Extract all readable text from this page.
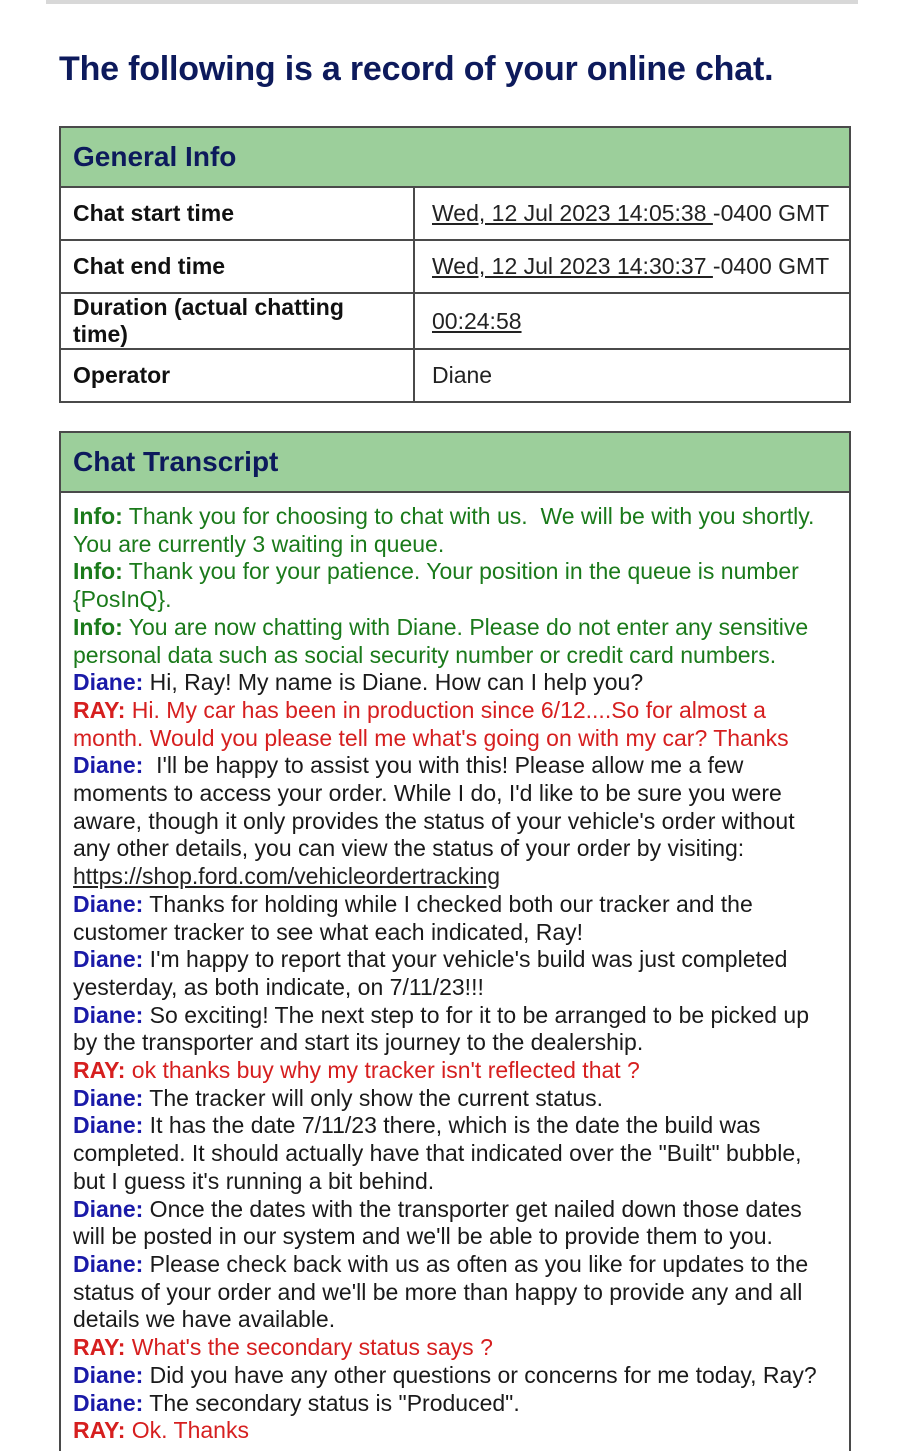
The following is a record of your online chat.
General Info
Chat start time	Wed, 12 Jul 2023 14:05:38 -0400 GMT
Chat end time	Wed, 12 Jul 2023 14:30:37 -0400 GMT
Duration (actual chatting time)	00:24:58
Operator	Diane
Chat Transcript

Info: Thank you for choosing to chat with us.  We will be with you shortly.    You are currently 3 waiting in queue.

Info: Thank you for your patience. Your position in the queue is number {PosInQ}.

Info: You are now chatting with Diane. Please do not enter any sensitive personal data such as social security number or credit card numbers.

Diane: Hi, Ray! My name is Diane. How can I help you?

RAY: Hi. My car has been in production since 6/12....So for almost a month. Would you please tell me what's going on with my car? Thanks

Diane:  I'll be happy to assist you with this! Please allow me a few moments to access your order. While I do, I'd like to be sure you were aware, though it only provides the status of your vehicle's order without any other details, you can view the status of your order by visiting: https://shop.ford.com/vehicleordertracking

Diane: Thanks for holding while I checked both our tracker and the customer tracker to see what each indicated, Ray!

Diane: I'm happy to report that your vehicle's build was just completed yesterday, as both indicate, on 7/11/23!!!

Diane: So exciting! The next step to for it to be arranged to be picked up by the transporter and start its journey to the dealership.

RAY: ok thanks buy why my tracker isn't reflected that ?

Diane: The tracker will only show the current status.

Diane: It has the date 7/11/23 there, which is the date the build was completed. It should actually have that indicated over the "Built" bubble, but I guess it's running a bit behind.

Diane: Once the dates with the transporter get nailed down those dates will be posted in our system and we'll be able to provide them to you.

Diane: Please check back with us as often as you like for updates to the status of your order and we'll be more than happy to provide any and all details we have available.

RAY: What's the secondary status says ?

Diane: Did you have any other questions or concerns for me today, Ray?

Diane: The secondary status is "Produced".

RAY: Ok. Thanks
